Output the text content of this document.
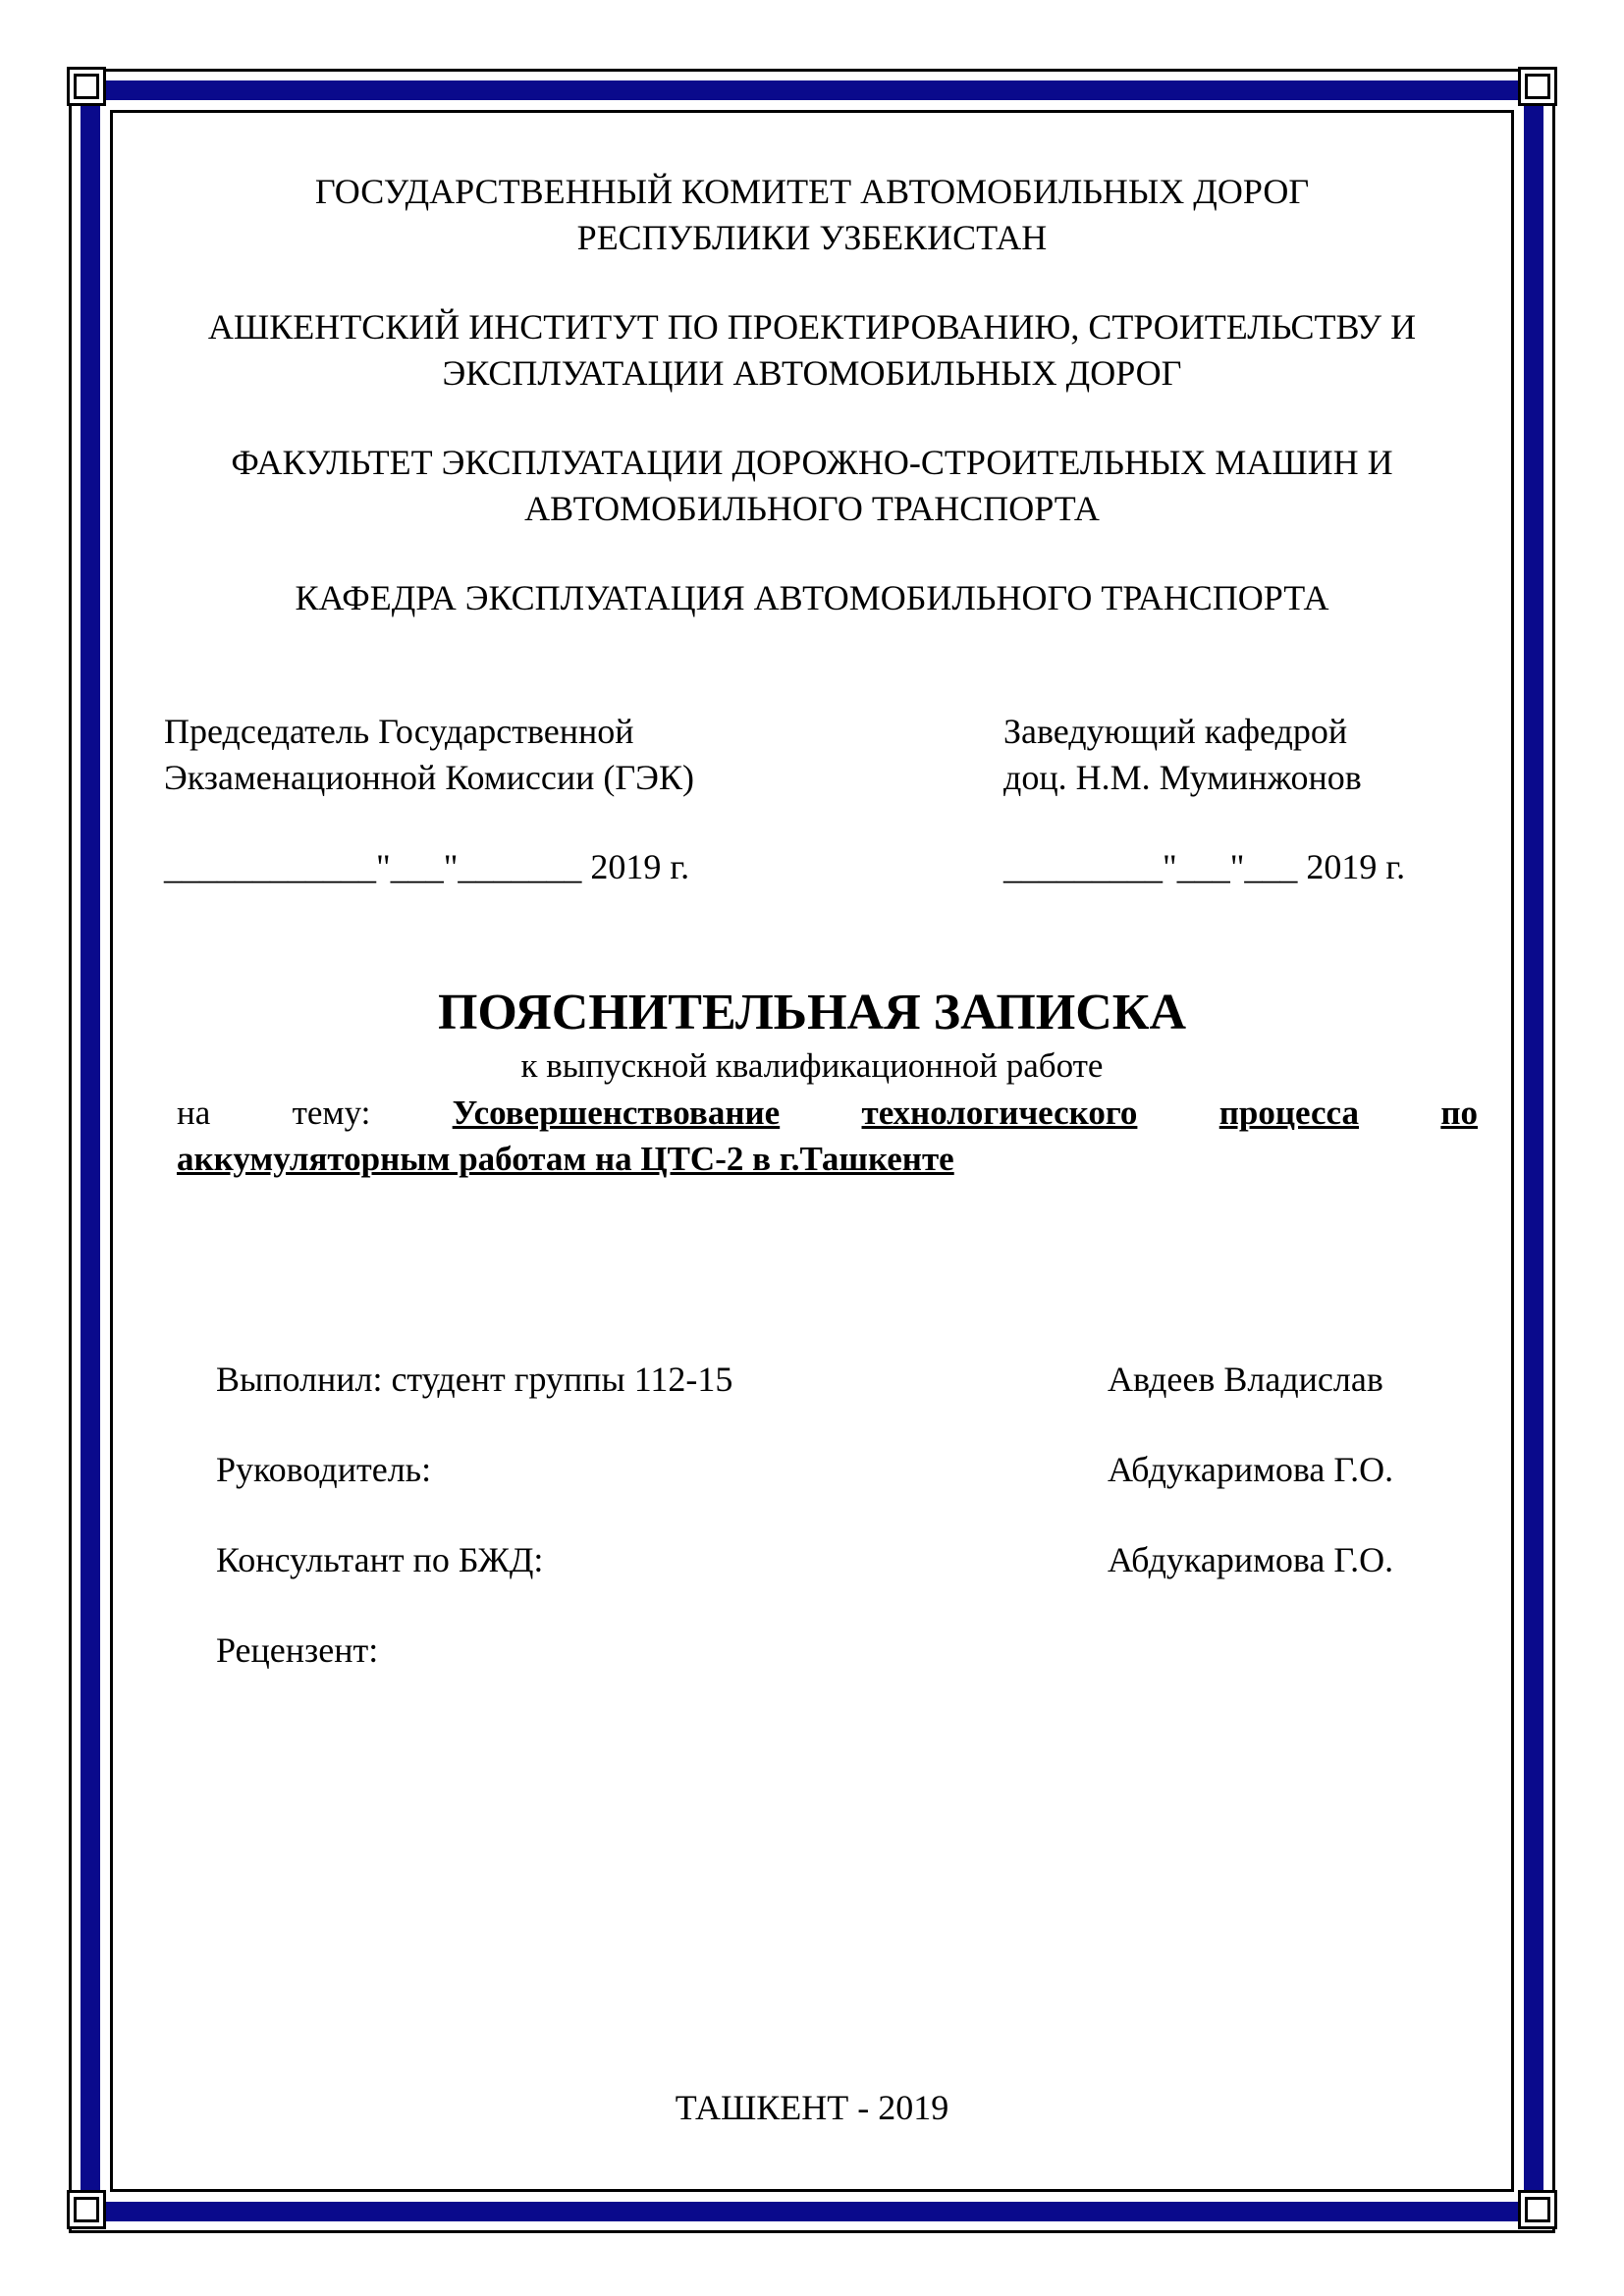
ГОСУДАРСТВЕННЫЙ КОМИТЕТ АВТОМОБИЛЬНЫХ ДОРОГ
РЕСПУБЛИКИ УЗБЕКИСТАН
АШКЕНТСКИЙ ИНСТИТУТ ПО ПРОЕКТИРОВАНИЮ, СТРОИТЕЛЬСТВУ И
ЭКСПЛУАТАЦИИ АВТОМОБИЛЬНЫХ ДОРОГ
ФАКУЛЬТЕТ ЭКСПЛУАТАЦИИ ДОРОЖНО-СТРОИТЕЛЬНЫХ МАШИН И
АВТОМОБИЛЬНОГО ТРАНСПОРТА
КАФЕДРА ЭКСПЛУАТАЦИЯ АВТОМОБИЛЬНОГО ТРАНСПОРТА
Председатель Государственной
Экзаменационной Комиссии (ГЭК)
____________"___"_______ 2019 г.
Заведующий кафедрой
доц. Н.М. Муминжонов
_________"___"___ 2019 г.
ПОЯСНИТЕЛЬНАЯ ЗАПИСКА
к выпускной квалификационной работе
на тему: Усовершенствование технологического процесса по
аккумуляторным работам на ЦТС-2 в г.Ташкенте
Выполнил: студент группы 112-15	Авдеев Владислав
Руководитель:	Абдукаримова Г.О.
Консультант по БЖД:	Абдукаримова Г.О.
Рецензент:
ТАШКЕНТ - 2019
